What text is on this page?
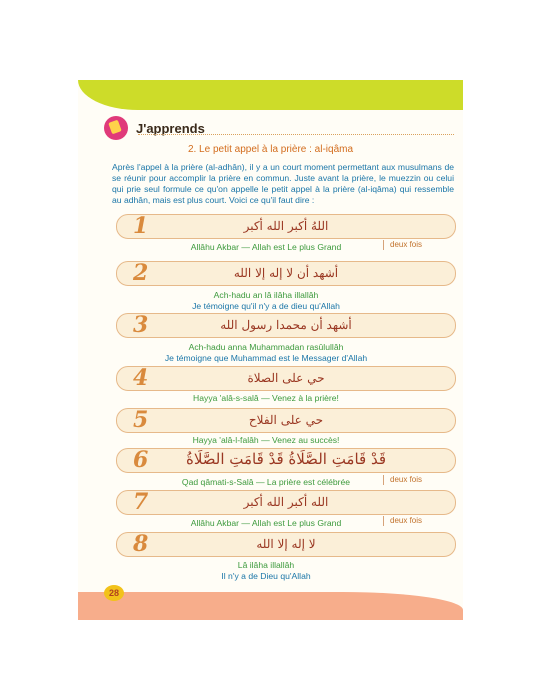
J'apprends
2. Le petit appel à la prière : al-iqâma
Après l'appel à la prière (al-adhân), il y a un court moment permettant aux musulmans de se réunir pour accomplir la prière en commun. Juste avant la prière, le muezzin ou celui qui prie seul formule ce qu'on appelle le petit appel à la prière (al-iqâma) qui ressemble au adhân, mais est plus court. Voici ce qu'il faut dire :
1	اللهُ أكبر الله أكبر
Allâhu Akbar — Allah est Le plus Grand	deux fois
2	أشهد أن لا إله إلا الله
Ach-hadu an lâ ilâha illallâh
Je témoigne qu'il n'y a de dieu qu'Allah
3	أشهد أن محمدا رسول الله
Ach-hadu anna Muhammadan rasûlullâh
Je témoigne que Muhammad est le Messager d'Allah
4	حي على الصلاة
Hayya 'alâ-s-salâ — Venez à la prière!
5	حي على الفلاح
Hayya 'alâ-l-falâh — Venez au succès!
6	قَدْ قَامَتِ الصَّلَاةُ قَدْ قَامَتِ الصَّلَاةُ
Qad qâmati-s-Salâ — La prière est célébrée	deux fois
7	الله أكبر الله أكبر
Allâhu Akbar — Allah est Le plus Grand	deux fois
8	لا إله إلا الله
Lâ ilâha illallâh
Il n'y a de Dieu qu'Allah
28
